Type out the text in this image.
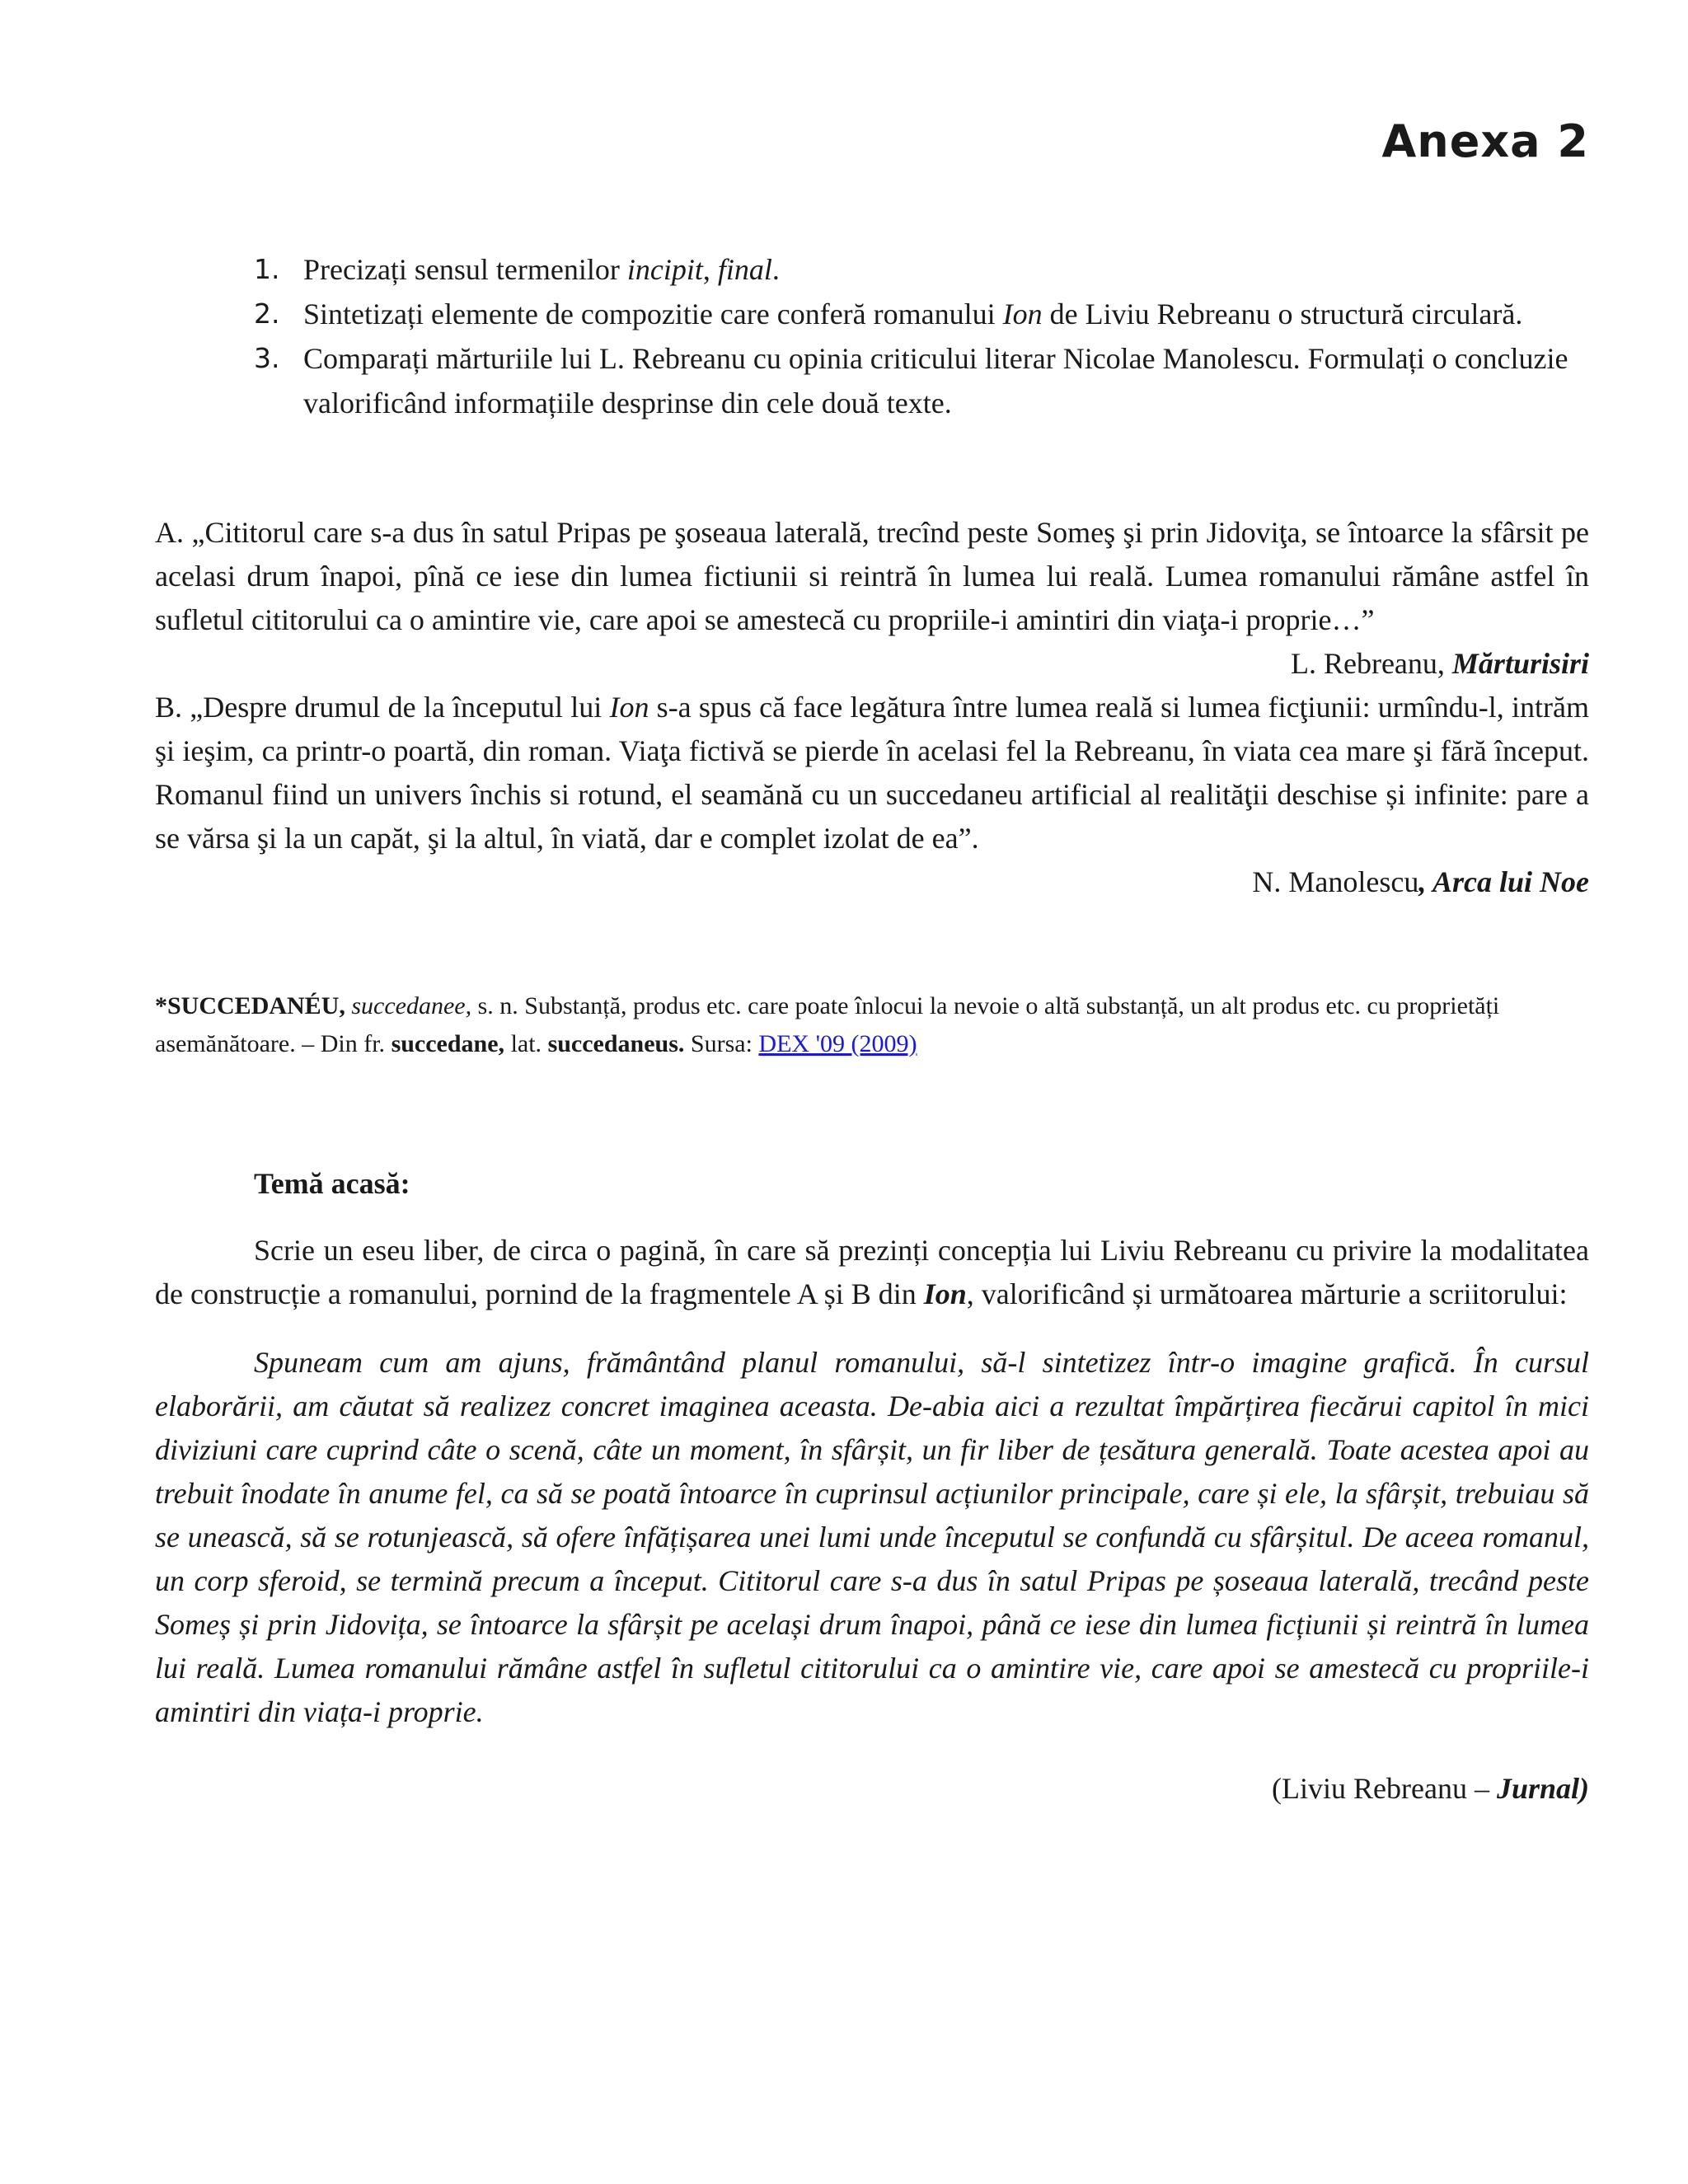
Anexa 2
1. Precizați sensul termenilor incipit, final.
2. Sintetizați elemente de compozitie care conferă romanului Ion de Liviu Rebreanu o structură circulară.
3. Comparați mărturiile lui L. Rebreanu cu opinia criticului literar Nicolae Manolescu. Formulați o concluzie valorificând informațiile desprinse din cele două texte.

A. „Cititorul care s-a dus în satul Pripas pe şoseaua laterală, trecînd peste Someş şi prin Jidoviţa, se întoarce la sfârsit pe acelasi drum înapoi, pînă ce iese din lumea fictiunii si reintră în lumea lui reală. Lumea romanului rămâne astfel în sufletul cititorului ca o amintire vie, care apoi se amestecă cu propriile-i amintiri din viaţa-i proprie…”

L. Rebreanu, Mărturisiri

B. „Despre drumul de la începutul lui Ion s-a spus că face legătura între lumea reală si lumea ficţiunii: urmîndu-l, intrăm şi ieşim, ca printr-o poartă, din roman. Viaţa fictivă se pierde în acelasi fel la Rebreanu, în viata cea mare şi fără început. Romanul fiind un univers închis si rotund, el seamănă cu un succedaneu artificial al realităţii deschise și infinite: pare a se vărsa şi la un capăt, şi la altul, în viată, dar e complet izolat de ea”.

N. Manolescu, Arca lui Noe

*SUCCEDANÉU, succedanee, s. n. Substanță, produs etc. care poate înlocui la nevoie o altă substanță, un alt produs etc. cu proprietăți asemănătoare. – Din fr. succedane, lat. succedaneus. Sursa: DEX '09 (2009)

Temă acasă:

Scrie un eseu liber, de circa o pagină, în care să prezinți concepția lui Liviu Rebreanu cu privire la modalitatea de construcție a romanului, pornind de la fragmentele A și B din Ion, valorificând și următoarea mărturie a scriitorului:

Spuneam cum am ajuns, frământând planul romanului, să-l sintetizez într-o imagine grafică. În cursul elaborării, am căutat să realizez concret imaginea aceasta. De-abia aici a rezultat împărțirea fiecărui capitol în mici diviziuni care cuprind câte o scenă, câte un moment, în sfârșit, un fir liber de țesătura generală. Toate acestea apoi au trebuit înodate în anume fel, ca să se poată întoarce în cuprinsul acțiunilor principale, care și ele, la sfârșit, trebuiau să se unească, să se rotunjească, să ofere înfățișarea unei lumi unde începutul se confundă cu sfârșitul. De aceea romanul, un corp sferoid, se termină precum a început. Cititorul care s-a dus în satul Pripas pe șoseaua laterală, trecând peste Someș și prin Jidovița, se întoarce la sfârșit pe același drum înapoi, până ce iese din lumea ficțiunii și reintră în lumea lui reală. Lumea romanului rămâne astfel în sufletul cititorului ca o amintire vie, care apoi se amestecă cu propriile-i amintiri din viața-i proprie.

(Liviu Rebreanu – Jurnal)
